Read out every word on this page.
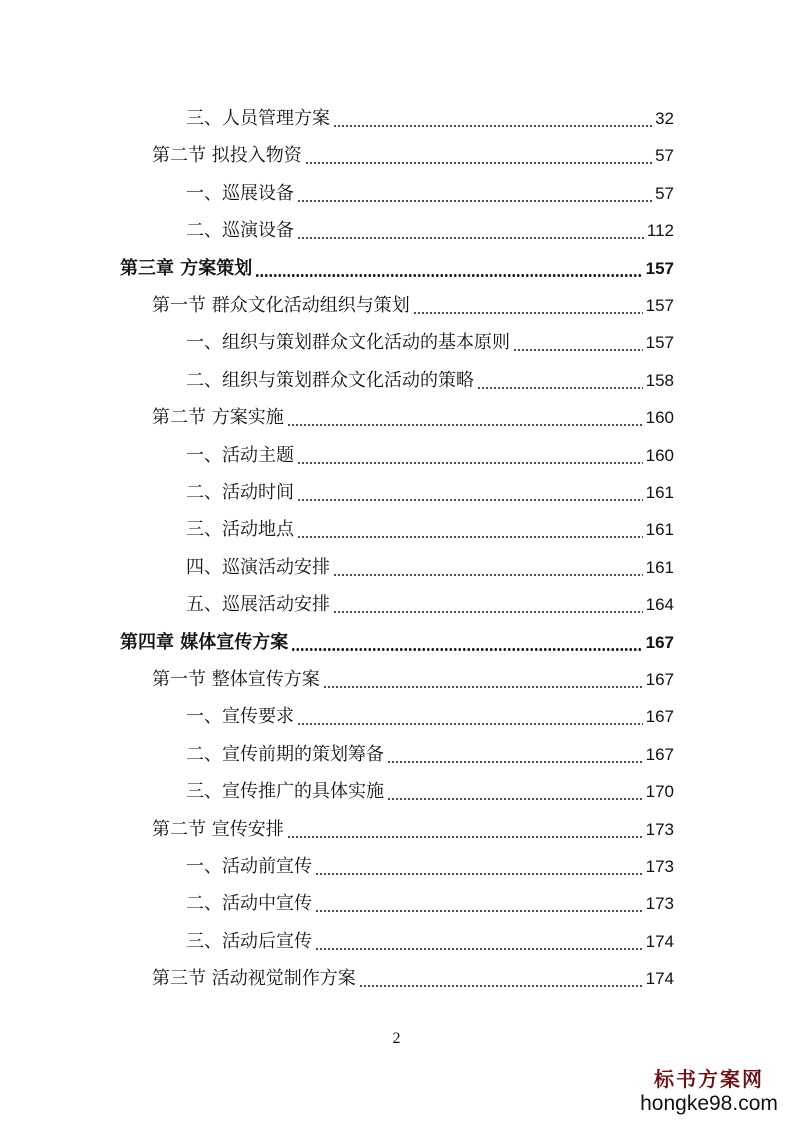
三、人员管理方案	32
第二节 拟投入物资	57
一、巡展设备	57
二、巡演设备	112
第三章 方案策划	157
第一节 群众文化活动组织与策划	157
一、组织与策划群众文化活动的基本原则	157
二、组织与策划群众文化活动的策略	158
第二节 方案实施	160
一、活动主题	160
二、活动时间	161
三、活动地点	161
四、巡演活动安排	161
五、巡展活动安排	164
第四章 媒体宣传方案	167
第一节 整体宣传方案	167
一、宣传要求	167
二、宣传前期的策划筹备	167
三、宣传推广的具体实施	170
第二节 宣传安排	173
一、活动前宣传	173
二、活动中宣传	173
三、活动后宣传	174
第三节 活动视觉制作方案	174
2
标书方案网
hongke98.com
